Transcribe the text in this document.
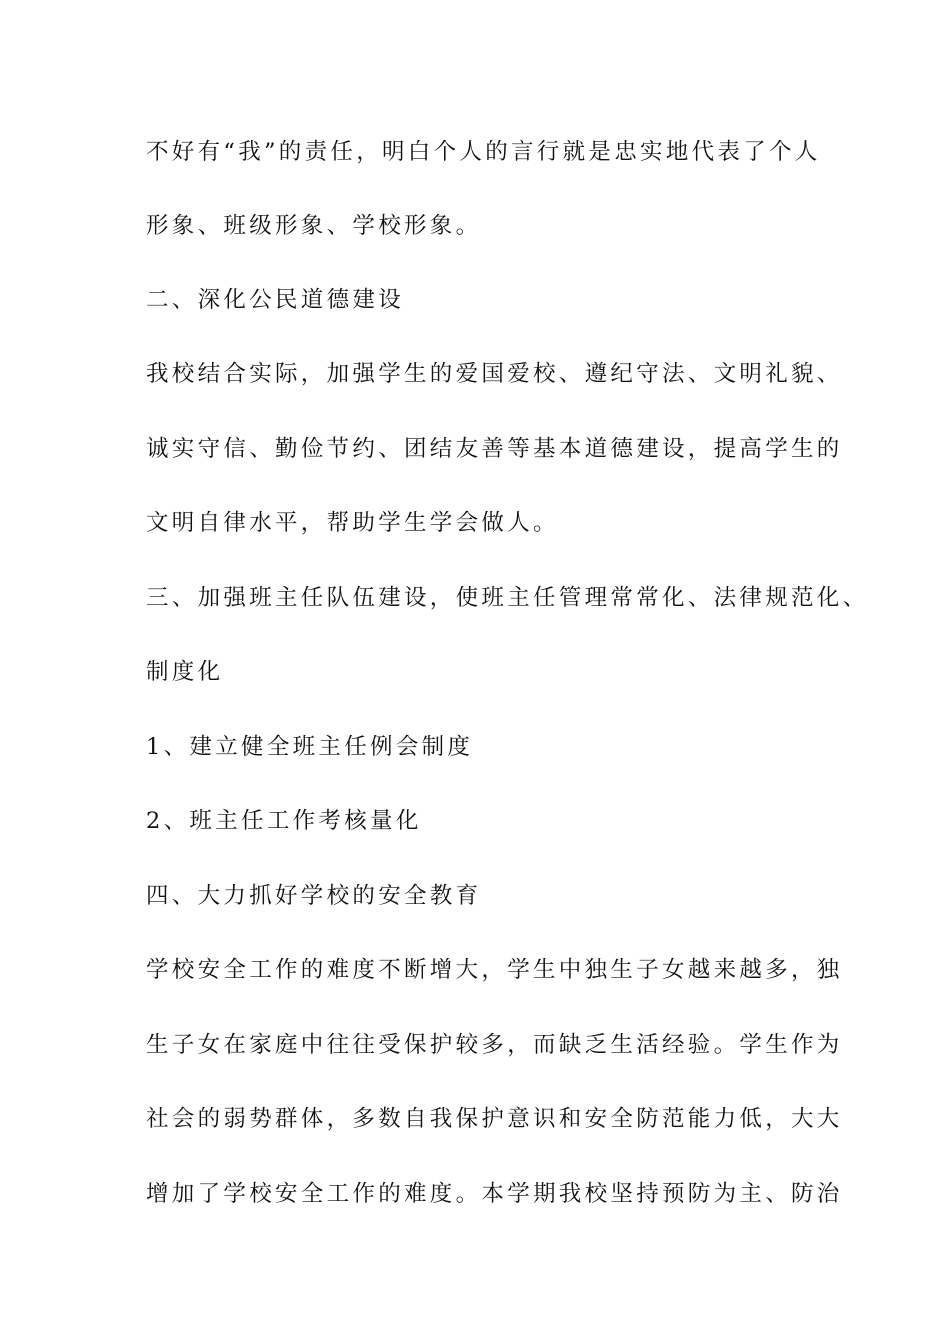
不好有“我”的责任，明白个人的言行就是忠实地代表了个人
形象、班级形象、学校形象。
二、深化公民道德建设
我校结合实际，加强学生的爱国爱校、遵纪守法、文明礼貌、
诚实守信、勤俭节约、团结友善等基本道德建设，提高学生的
文明自律水平，帮助学生学会做人。
三、加强班主任队伍建设，使班主任管理常常化、法律规范化、
制度化
1、建立健全班主任例会制度
2、班主任工作考核量化
四、大力抓好学校的安全教育
学校安全工作的难度不断增大，学生中独生子女越来越多，独
生子女在家庭中往往受保护较多，而缺乏生活经验。学生作为
社会的弱势群体，多数自我保护意识和安全防范能力低，大大
增加了学校安全工作的难度。本学期我校坚持预防为主、防治
